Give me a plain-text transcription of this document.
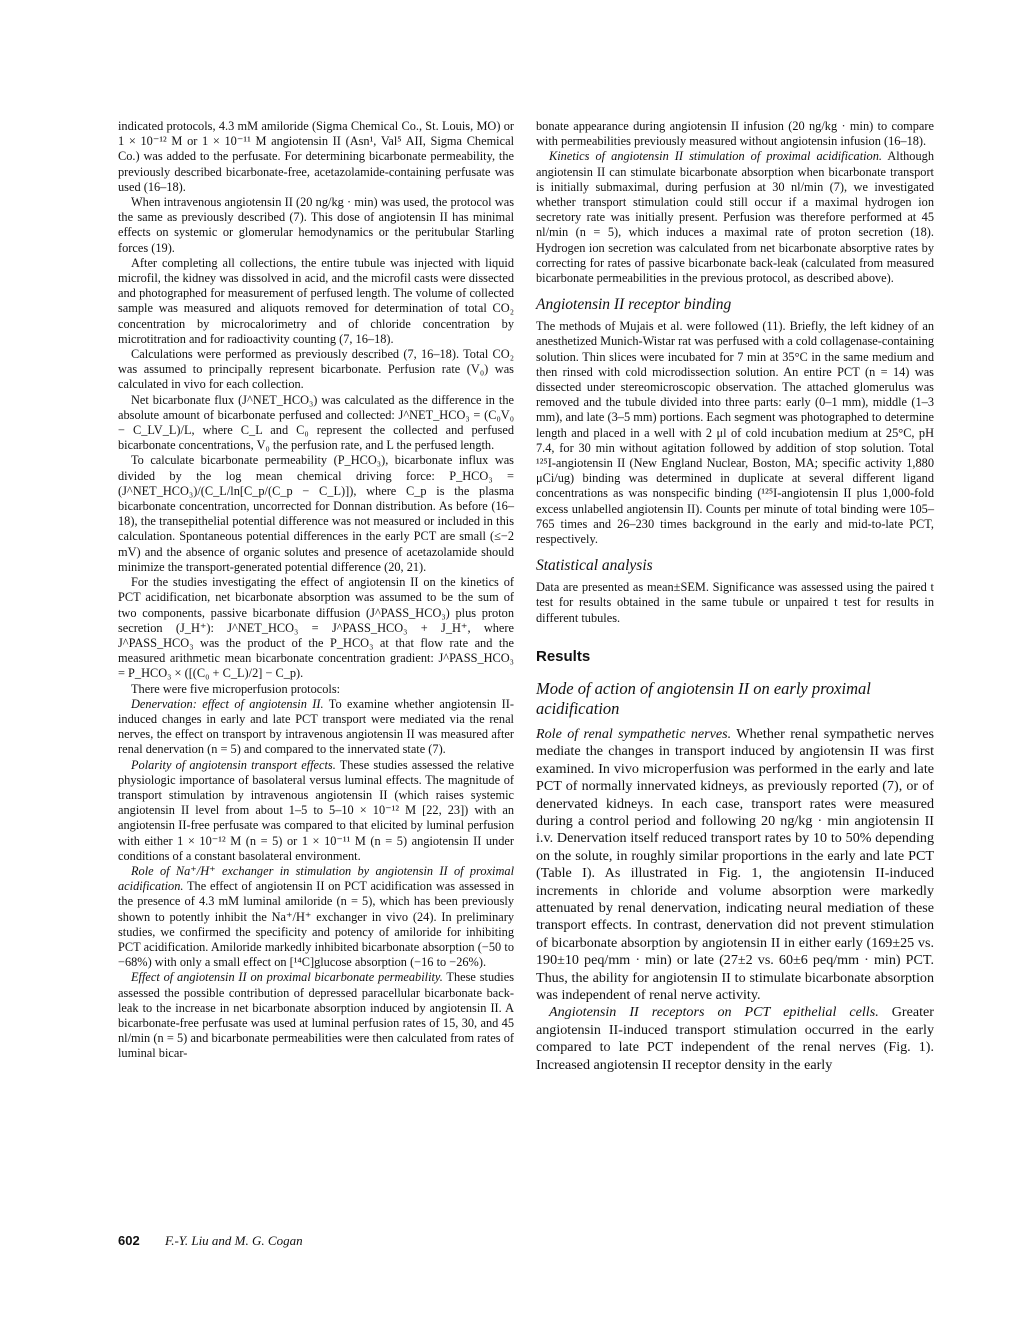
indicated protocols, 4.3 mM amiloride (Sigma Chemical Co., St. Louis, MO) or 1 × 10⁻¹² M or 1 × 10⁻¹¹ M angiotensin II (Asn¹, Val⁵ AII, Sigma Chemical Co.) was added to the perfusate. For determining bicarbonate permeability, the previously described bicarbonate-free, acetazolamide-containing perfusate was used (16–18).

When intravenous angiotensin II (20 ng/kg · min) was used, the protocol was the same as previously described (7). This dose of angiotensin II has minimal effects on systemic or glomerular hemodynamics or the peritubular Starling forces (19).

After completing all collections, the entire tubule was injected with liquid microfil, the kidney was dissolved in acid, and the microfil casts were dissected and photographed for measurement of perfused length. The volume of collected sample was measured and aliquots removed for determination of total CO₂ concentration by microcalorimetry and of chloride concentration by microtitration and for radioactivity counting (7, 16–18).

Calculations were performed as previously described (7, 16–18). Total CO₂ was assumed to principally represent bicarbonate. Perfusion rate (V₀) was calculated in vivo for each collection.

Net bicarbonate flux (J^NET_HCO₃) was calculated as the difference in the absolute amount of bicarbonate perfused and collected: J^NET_HCO₃ = (C₀V₀ − C_LV_L)/L, where C_L and C₀ represent the collected and perfused bicarbonate concentrations, V₀ the perfusion rate, and L the perfused length.

To calculate bicarbonate permeability (P_HCO₃), bicarbonate influx was divided by the log mean chemical driving force: P_HCO₃ = (J^NET_HCO₃)/(C_L/ln[C_p/(C_p − C_L)]), where C_p is the plasma bicarbonate concentration, uncorrected for Donnan distribution. As before (16–18), the transepithelial potential difference was not measured or included in this calculation. Spontaneous potential differences in the early PCT are small (≤−2 mV) and the absence of organic solutes and presence of acetazolamide should minimize the transport-generated potential difference (20, 21).

For the studies investigating the effect of angiotensin II on the kinetics of PCT acidification, net bicarbonate absorption was assumed to be the sum of two components, passive bicarbonate diffusion (J^PASS_HCO₃) plus proton secretion (J_H⁺): J^NET_HCO₃ = J^PASS_HCO₃ + J_H⁺, where J^PASS_HCO₃ was the product of the P_HCO₃ at that flow rate and the measured arithmetic mean bicarbonate concentration gradient: J^PASS_HCO₃ = P_HCO₃ × ([(C₀ + C_L)/2] − C_p).

There were five microperfusion protocols:

Denervation: effect of angiotensin II. To examine whether angiotensin II-induced changes in early and late PCT transport were mediated via the renal nerves, the effect on transport by intravenous angiotensin II was measured after renal denervation (n = 5) and compared to the innervated state (7).

Polarity of angiotensin transport effects. These studies assessed the relative physiologic importance of basolateral versus luminal effects. The magnitude of transport stimulation by intravenous angiotensin II (which raises systemic angiotensin II level from about 1–5 to 5–10 × 10⁻¹² M [22, 23]) with an angiotensin II-free perfusate was compared to that elicited by luminal perfusion with either 1 × 10⁻¹² M (n = 5) or 1 × 10⁻¹¹ M (n = 5) angiotensin II under conditions of a constant basolateral environment.

Role of Na⁺/H⁺ exchanger in stimulation by angiotensin II of proximal acidification. The effect of angiotensin II on PCT acidification was assessed in the presence of 4.3 mM luminal amiloride (n = 5), which has been previously shown to potently inhibit the Na⁺/H⁺ exchanger in vivo (24). In preliminary studies, we confirmed the specificity and potency of amiloride for inhibiting PCT acidification. Amiloride markedly inhibited bicarbonate absorption (−50 to −68%) with only a small effect on [¹⁴C]glucose absorption (−16 to −26%).

Effect of angiotensin II on proximal bicarbonate permeability. These studies assessed the possible contribution of depressed paracellular bicarbonate back-leak to the increase in net bicarbonate absorption induced by angiotensin II. A bicarbonate-free perfusate was used at luminal perfusion rates of 15, 30, and 45 nl/min (n = 5) and bicarbonate permeabilities were then calculated from rates of luminal bicar-

bonate appearance during angiotensin II infusion (20 ng/kg · min) to compare with permeabilities previously measured without angiotensin infusion (16–18).

Kinetics of angiotensin II stimulation of proximal acidification. Although angiotensin II can stimulate bicarbonate absorption when bicarbonate transport is initially submaximal, during perfusion at 30 nl/min (7), we investigated whether transport stimulation could still occur if a maximal hydrogen ion secretory rate was initially present. Perfusion was therefore performed at 45 nl/min (n = 5), which induces a maximal rate of proton secretion (18). Hydrogen ion secretion was calculated from net bicarbonate absorptive rates by correcting for rates of passive bicarbonate back-leak (calculated from measured bicarbonate permeabilities in the previous protocol, as described above).

Angiotensin II receptor binding

The methods of Mujais et al. were followed (11). Briefly, the left kidney of an anesthetized Munich-Wistar rat was perfused with a cold collagenase-containing solution. Thin slices were incubated for 7 min at 35°C in the same medium and then rinsed with cold microdissection solution. An entire PCT (n = 14) was dissected under stereomicroscopic observation. The attached glomerulus was removed and the tubule divided into three parts: early (0–1 mm), middle (1–3 mm), and late (3–5 mm) portions. Each segment was photographed to determine length and placed in a well with 2 μl of cold incubation medium at 25°C, pH 7.4, for 30 min without agitation followed by addition of stop solution. Total ¹²⁵I-angiotensin II (New England Nuclear, Boston, MA; specific activity 1,880 μCi/ug) binding was determined in duplicate at several different ligand concentrations as was nonspecific binding (¹²⁵I-angiotensin II plus 1,000-fold excess unlabelled angiotensin II). Counts per minute of total binding were 105–765 times and 26–230 times background in the early and mid-to-late PCT, respectively.

Statistical analysis

Data are presented as mean±SEM. Significance was assessed using the paired t test for results obtained in the same tubule or unpaired t test for results in different tubules.

Results
Mode of action of angiotensin II on early proximal acidification

Role of renal sympathetic nerves. Whether renal sympathetic nerves mediate the changes in transport induced by angiotensin II was first examined. In vivo microperfusion was performed in the early and late PCT of normally innervated kidneys, as previously reported (7), or of denervated kidneys. In each case, transport rates were measured during a control period and following 20 ng/kg · min angiotensin II i.v. Denervation itself reduced transport rates by 10 to 50% depending on the solute, in roughly similar proportions in the early and late PCT (Table I). As illustrated in Fig. 1, the angiotensin II-induced increments in chloride and volume absorption were markedly attenuated by renal denervation, indicating neural mediation of these transport effects. In contrast, denervation did not prevent stimulation of bicarbonate absorption by angiotensin II in either early (169±25 vs. 190±10 peq/mm · min) or late (27±2 vs. 60±6 peq/mm · min) PCT. Thus, the ability for angiotensin II to stimulate bicarbonate absorption was independent of renal nerve activity.

Angiotensin II receptors on PCT epithelial cells. Greater angiotensin II-induced transport stimulation occurred in the early compared to late PCT independent of the renal nerves (Fig. 1). Increased angiotensin II receptor density in the early

602 F.-Y. Liu and M. G. Cogan
